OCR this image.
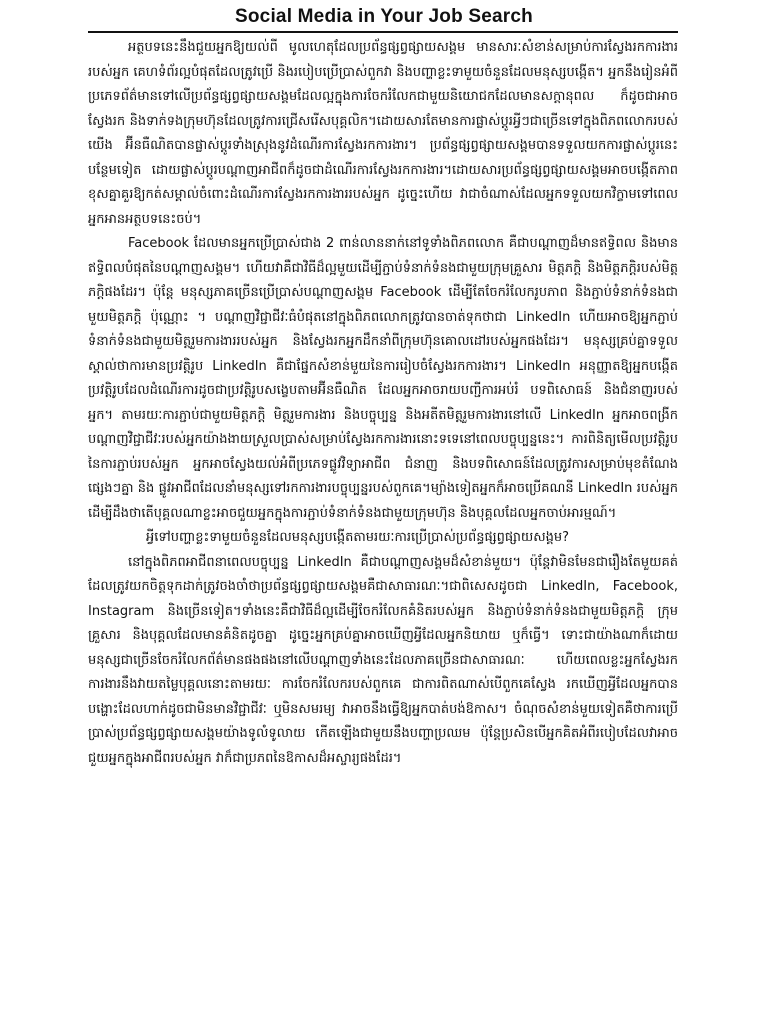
Social Media in Your Job Search

អត្ថបទនេះនឹងជួយអ្នកឱ្យយល់ពី មូលហេតុដែលប្រព័ន្ធផ្សព្វផ្សាយសង្គម មានសារៈសំខាន់សម្រាប់ការស្វែងរកការងាររបស់អ្នក គេហទំព័រល្អបំផុតដែលត្រូវប្រើ និងរបៀបប្រើប្រាស់ពួកវា និងបញ្ហាខ្លះទាមួយចំនួនដែលមនុស្សបង្កើត។ អ្នកនឹងរៀនអំពីប្រភេទព័ត៌មានទៅលើប្រព័ន្ធផ្សព្វផ្សាយសង្គមដែលល្អក្នុងការចែករំលែកជាមួយនិយោជកដែលមានសក្តានុពល ក៏ដូចជាអាចស្វែងរក និងទាក់ទងក្រុមហ៊ុនដែលត្រូវការជ្រើសរើសបុគ្គលិក។ដោយសារតែមានការផ្លាស់ប្តូរអ្វីៗជាច្រើនទៅក្នុងពិភពលោករបស់យើង អ៊ីនធឺណិតបានផ្លាស់ប្តូរទាំងស្រុងនូវដំណើរការស្វែងរកការងារ។ ប្រព័ន្ធផ្សព្វផ្សាយសង្គមបានទទួលយកការផ្លាស់ប្តូរនេះបន្ថែមទៀត ដោយផ្លាស់ប្តូរបណ្តាញអាជីពក៏ដូចជាដំណើរការស្វែងរកការងារ។ដោយសារប្រព័ន្ធផ្សព្វផ្សាយសង្គមអាចបង្កើតភាពខុសគ្នាគួរឱ្យកត់សម្គាល់ចំពោះដំណើរការស្វែងរកការងាររបស់អ្នក ដូច្នេះហើយ វាជាចំណាស់ដែលអ្នកទទួលយកវិក្ខាមទៅពេលអ្នកអានអត្ថបទនេះចប់។

Facebook ដែលមានអ្នកប្រើប្រាស់ជាង 2 ពាន់លាននាក់នៅទូទាំងពិភពលោក គឺជាបណ្តាញដ៏មានឥទ្ធិពល និងមានឥទ្ធិពលបំផុតនៃបណ្តាញសង្គម។ ហើយវាគឺជាវិធីដ៏ល្អមួយដើម្បីភ្ជាប់ទំនាក់ទំនងជាមួយក្រុមគ្រួសារ មិត្តភក្តិ និងមិត្តភក្តិរបស់មិត្តភក្តិផងដែរ។ ប៉ុន្តែ មនុស្សភាគច្រើនប្រើប្រាស់បណ្តាញសង្គម Facebook ដើម្បីតែចែករំលែករូបភាព និងភ្ជាប់ទំនាក់ទំនងជាមួយមិត្តភក្តិ ប៉ុណ្ណោះ ។ បណ្តាញវិជ្ជាជីវៈធំបំផុតនៅក្នុងពិភពលោកត្រូវបានចាត់ទុកថាជា LinkedIn ហើយអាចឱ្យអ្នកភ្ជាប់ទំនាក់ទំនងជាមួយមិត្តរួមការងាររបស់អ្នក និងស្វែងរកអ្នកដឹកនាំពីក្រុមហ៊ុនគោលដៅរបស់អ្នកផងដែរ។ មនុស្សគ្រប់គ្នាទទួល ស្គាល់ថាការមានប្រវត្តិរូប LinkedIn គឺជាផ្នែកសំខាន់មួយនៃការរៀបចំស្វែងរកការងារ។ LinkedIn អនុញ្ញាតឱ្យអ្នកបង្កើតប្រវត្តិរូបដែលដំណើរការដូចជាប្រវត្តិរូបសង្ខេបតាមអ៊ីនធឺណិត ដែលអ្នកអាចរាយបញ្ជីការអប់រំ បទពិសោធន៍ និងជំនាញរបស់អ្នក។ តាមរយៈការភ្ជាប់ជាមួយមិត្តភក្តិ មិត្តរួមការងារ និងបច្ចុប្បន្ន និងអតីតមិត្តរួមការងារនៅលើ LinkedIn អ្នកអាចពង្រីកបណ្តាញវិជ្ជាជីវៈរបស់អ្នកយ៉ាងងាយស្រួលប្រាស់សម្រាប់ស្វែងរកការងារនោះទទេនៅពេលបច្ចុប្បន្ននេះ។ ការពិនិត្យមើលប្រវត្តិរូបនៃការភ្ជាប់របស់អ្នក អ្នកអាចស្វែងយល់អំពីប្រភេទផ្លូវវិទ្យាអាជីព ជំនាញ និងបទពិសោធន៍ដែលត្រូវការសម្រាប់មុខតំណែងផ្សេងៗគ្នា និង ផ្លូវអាជីពដែលនាំមនុស្សទៅរកការងារបច្ចុប្បន្នរបស់ពួកគេ។ម្យ៉ាងទៀតអ្នកក៏អាចប្រើគណនី LinkedIn របស់អ្នកដើម្បីដឹងថាតើបុគ្គលណាខ្លះអាចជួយអ្នកក្នុងការភ្ជាប់ទំនាក់ទំនងជាមួយក្រុមហ៊ុន និងបុគ្គលដែលអ្នកចាប់អារម្មណ៍។

អ្វីទៅបញ្ហាខ្លះទាមួយចំនួនដែលមនុស្សបង្កើតតាមរយៈការប្រើប្រាស់ប្រព័ន្ធផ្សព្វផ្សាយសង្គម?

នៅក្នុងពិភពអាជីពនាពេលបច្ចុប្បន្ន LinkedIn គឺជាបណ្តាញសង្គមដ៏សំខាន់មួយ។ ប៉ុន្តែវាមិនមែនជារឿងតែមួយគត់ដែលត្រូវយកចិត្តទុកដាក់ត្រូវចងចាំថាប្រព័ន្ធផ្សព្វផ្សាយសង្គមគឺជាសាធារណៈ។ជាពិសេសដូចជា LinkedIn, Facebook, Instagram និងច្រើនទៀត។ទាំងនេះគឺជាវិធីដ៏ល្អដើម្បីចែករំលែកគំនិតរបស់អ្នក និងភ្ជាប់ទំនាក់ទំនងជាមួយមិត្តភក្តិ ក្រុមគ្រួសារ និងបុគ្គលដែលមានគំនិតដូចគ្នា ដូច្នេះអ្នកគ្រប់គ្នាអាចឃើញអ្វីដែលអ្នកនិយាយ ឬក៏ធ្វើ។ ទោះជាយ៉ាងណាក៏ដោយ មនុស្សជាច្រើនចែករំលែកព័ត៌មានផងផងនៅលើបណ្តាញទាំងនេះដែលភាគច្រើនជាសាធារណៈ ហើយពេលខ្លះអ្នកស្វែងរកការងារនឹងវាយតម្លៃបុគ្គលនោះតាមរយៈ ការចែករំលែករបស់ពួកគេ ជាការពិតណាស់បើពួកគេស្វែង រកឃើញអ្វីដែលអ្នកបានបង្ហោះដែលហាក់ដូចជាមិនមានវិជ្ជាជីវៈ ឬមិនសមរម្យ វាអាចនឹងធ្វើឱ្យអ្នកបាត់បង់ឱកាស។ ចំណុចសំខាន់មួយទៀតគឺថាការប្រើប្រាស់ប្រព័ន្ធផ្សព្វផ្សាយសង្គមយ៉ាងទូលំទូលាយ កើតឡើងជាមួយនឹងបញ្ហាប្រឈម ប៉ុន្តែប្រសិនបើអ្នកគិតអំពីរបៀបដែលវាអាចជួយអ្នកក្នុងអាជីពរបស់អ្នក វាក៏ជាប្រភពនៃឱកាសដ៏អស្ចារ្យផងដែរ។
